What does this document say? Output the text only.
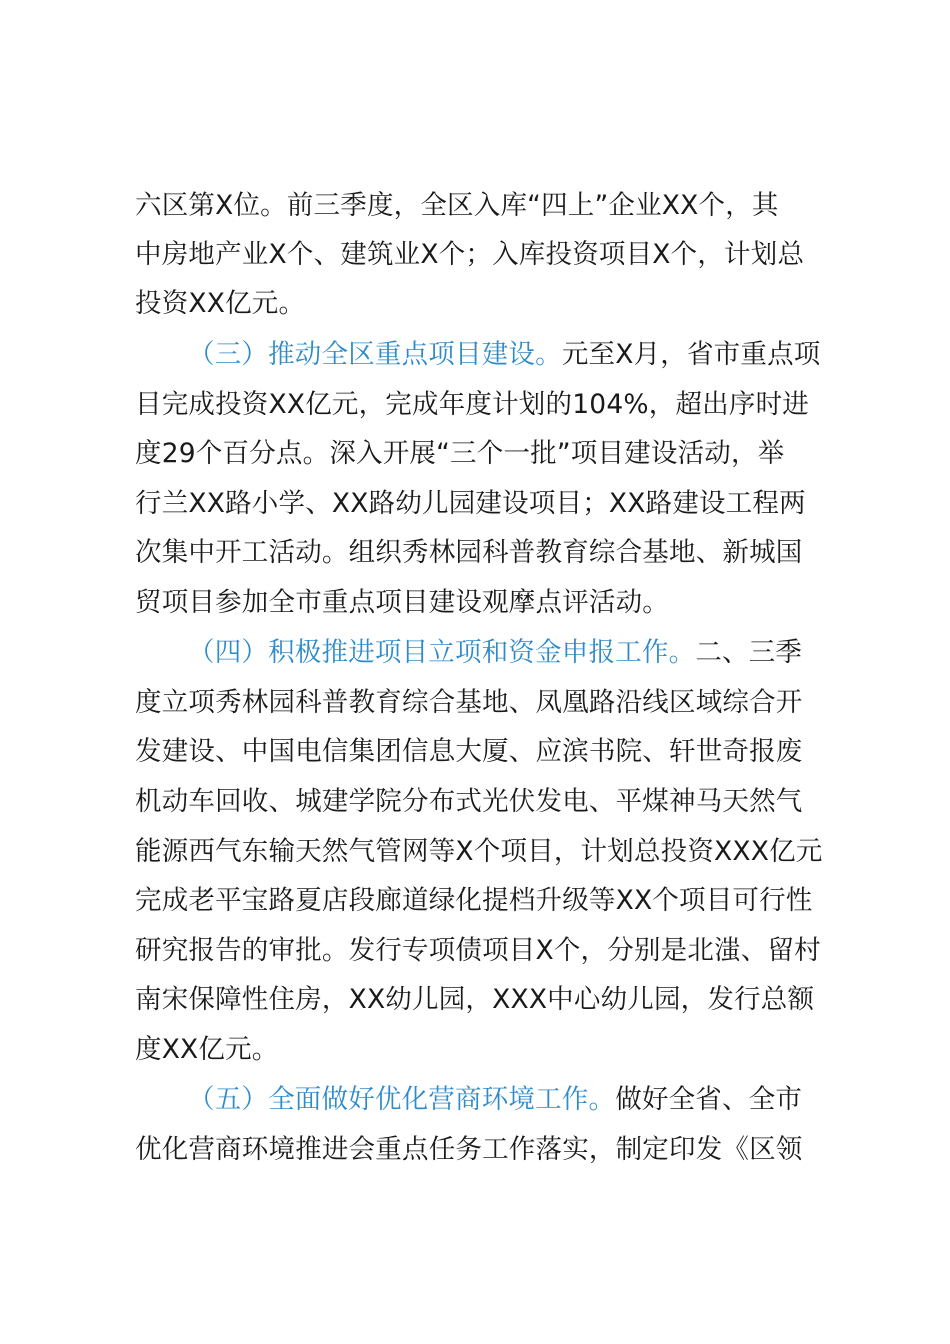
六区第X位。前三季度，全区入库“四上”企业XX个，其
中房地产业X个、建筑业X个；入库投资项目X个，计划总
投资XX亿元。
（三）推动全区重点项目建设。元至X月，省市重点项
目完成投资XX亿元，完成年度计划的104%，超出序时进
度29个百分点。深入开展“三个一批”项目建设活动，举
行兰XX路小学、XX路幼儿园建设项目；XX路建设工程两
次集中开工活动。组织秀林园科普教育综合基地、新城国
贸项目参加全市重点项目建设观摩点评活动。
（四）积极推进项目立项和资金申报工作。二、三季
度立项秀林园科普教育综合基地、凤凰路沿线区域综合开
发建设、中国电信集团信息大厦、应滨书院、轩世奇报废
机动车回收、城建学院分布式光伏发电、平煤神马天然气
能源西气东输天然气管网等X个项目，计划总投资XXX亿元
完成老平宝路夏店段廊道绿化提档升级等XX个项目可行性
研究报告的审批。发行专项债项目X个，分别是北滍、留村
南宋保障性住房，XX幼儿园，XXX中心幼儿园，发行总额
度XX亿元。
（五）全面做好优化营商环境工作。做好全省、全市
优化营商环境推进会重点任务工作落实，制定印发《区领
